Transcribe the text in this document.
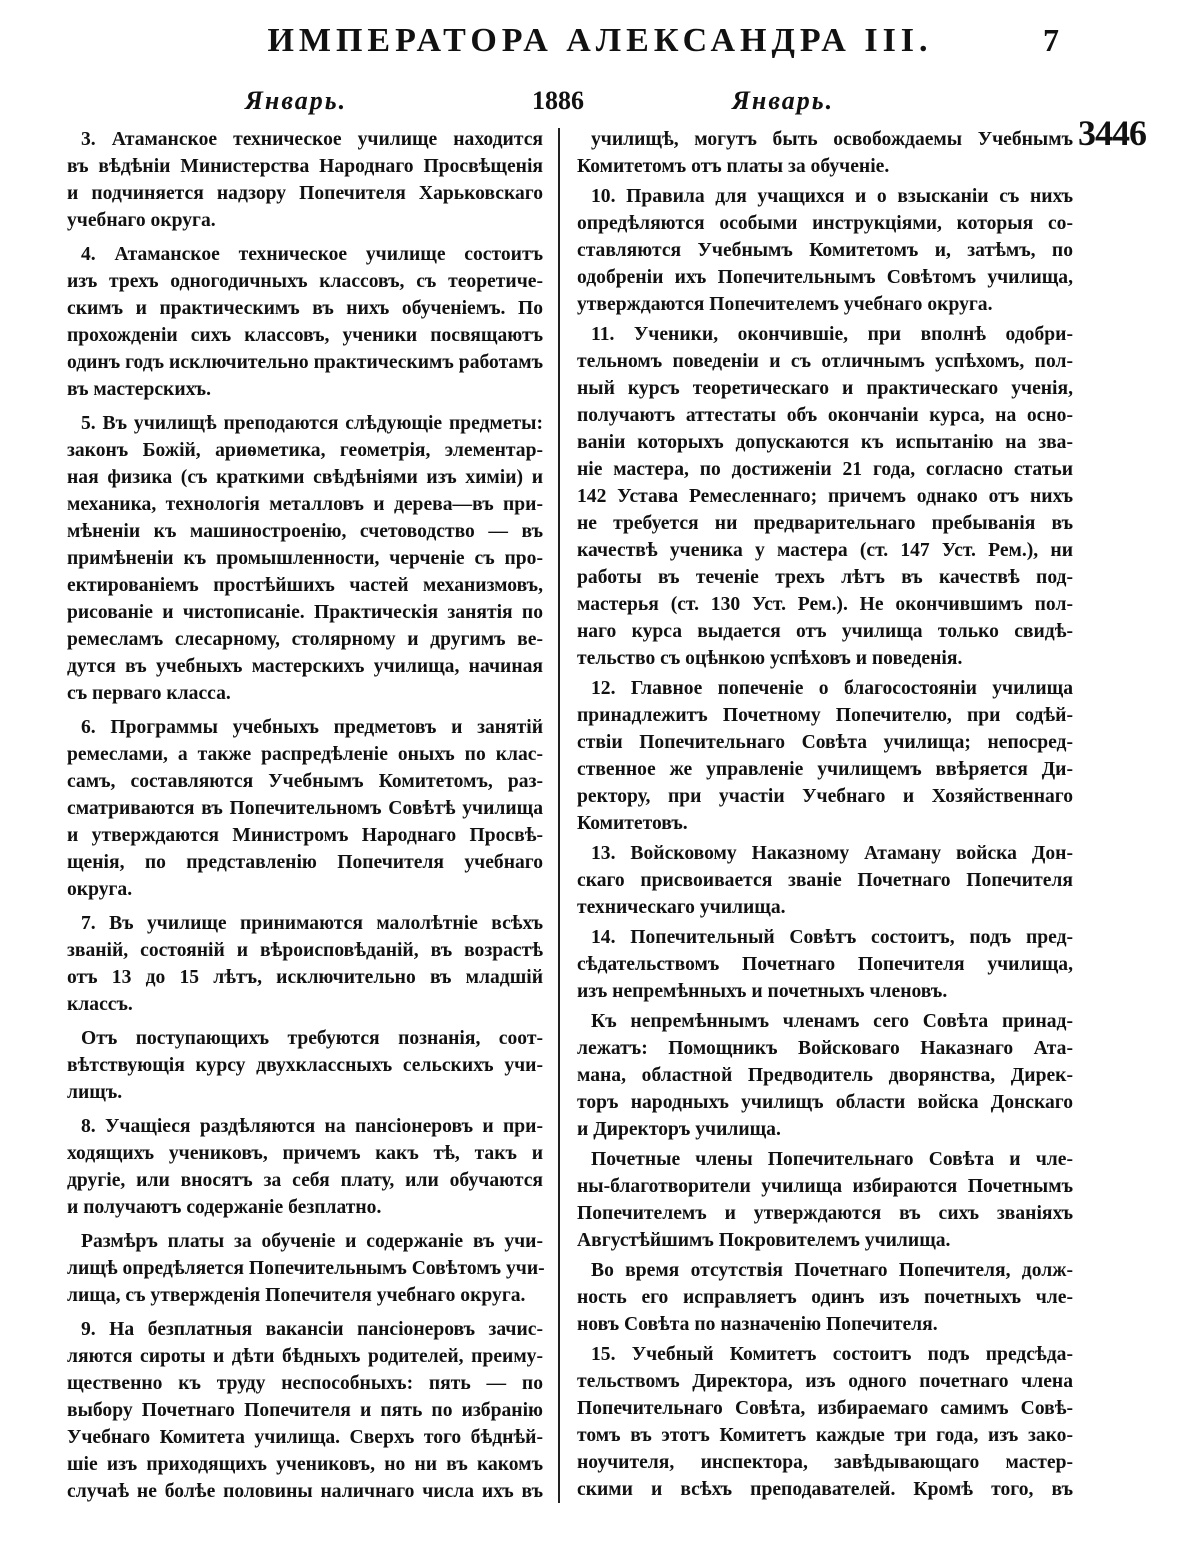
ИМПЕРАТОРА АЛЕКСАНДРА III.	7
Январь.	1886	Январь.
3446
3. Атаманское техническое училище находится
въ вѣдѣніи Министерства Народнаго Просвѣщенія
и подчиняется надзору Попечителя Харьковскаго
учебнаго округа.
4. Атаманское техническое училище состоитъ
изъ трехъ одногодичныхъ классовъ, съ теоретиче-
скимъ и практическимъ въ нихъ обученіемъ. По
прохожденіи сихъ классовъ, ученики посвящаютъ
одинъ годъ исключительно практическимъ работамъ
въ мастерскихъ.
5. Въ училищѣ преподаются слѣдующіе предметы:
законъ Божій, ариѳметика, геометрія, элементар-
ная физика (съ краткими свѣдѣніями изъ химіи) и
механика, технологія металловъ и дерева—въ при-
мѣненіи къ машиностроенію, счетоводство — въ
примѣненіи къ промышленности, черченіе съ про-
ектированіемъ простѣйшихъ частей механизмовъ,
рисованіе и чистописаніе. Практическія занятія по
ремесламъ слесарному, столярному и другимъ ве-
дутся въ учебныхъ мастерскихъ училища, начиная
съ перваго класса.
6. Программы учебныхъ предметовъ и занятій
ремеслами, а также распредѣленіе оныхъ по клас-
самъ, составляются Учебнымъ Комитетомъ, раз-
сматриваются въ Попечительномъ Совѣтѣ училища
и утверждаются Министромъ Народнаго Просвѣ-
щенія, по представленію Попечителя учебнаго
округа.
7. Въ училище принимаются малолѣтніе всѣхъ
званій, состояній и вѣроисповѣданій, въ возрастѣ
отъ 13 до 15 лѣтъ, исключительно въ младшій
классъ.
Отъ поступающихъ требуются познанія, соот-
вѣтствующія курсу двухклассныхъ сельскихъ учи-
лищъ.
8. Учащіеся раздѣляются на пансіонеровъ и при-
ходящихъ учениковъ, причемъ какъ тѣ, такъ и
другіе, или вносятъ за себя плату, или обучаются
и получаютъ содержаніе безплатно.
Размѣръ платы за обученіе и содержаніе въ учи-
лищѣ опредѣляется Попечительнымъ Совѣтомъ учи-
лища, съ утвержденія Попечителя учебнаго округа.
9. На безплатныя вакансіи пансіонеровъ зачис-
ляются сироты и дѣти бѣдныхъ родителей, преиму-
щественно къ труду неспособныхъ: пять — по
выбору Почетнаго Попечителя и пять по избранію
Учебнаго Комитета училища. Сверхъ того бѣднѣй-
шіе изъ приходящихъ учениковъ, но ни въ какомъ
случаѣ не болѣе половины наличнаго числа ихъ въ
училищѣ, могутъ быть освобождаемы Учебнымъ
Комитетомъ отъ платы за обученіе.
10. Правила для учащихся и о взысканіи съ нихъ
опредѣляются особыми инструкціями, которыя со-
ставляются Учебнымъ Комитетомъ и, затѣмъ, по
одобреніи ихъ Попечительнымъ Совѣтомъ училища,
утверждаются Попечителемъ учебнаго округа.
11. Ученики, окончившіе, при вполнѣ одобри-
тельномъ поведеніи и съ отличнымъ успѣхомъ, пол-
ный курсъ теоретическаго и практическаго ученія,
получаютъ аттестаты объ окончаніи курса, на осно-
ваніи которыхъ допускаются къ испытанію на зва-
ніе мастера, по достиженіи 21 года, согласно статьи
142 Устава Ремесленнаго; причемъ однако отъ нихъ
не требуется ни предварительнаго пребыванія въ
качествѣ ученика у мастера (ст. 147 Уст. Рем.), ни
работы въ теченіе трехъ лѣтъ въ качествѣ под-
мастерья (ст. 130 Уст. Рем.). Не окончившимъ пол-
наго курса выдается отъ училища только свидѣ-
тельство съ оцѣнкою успѣховъ и поведенія.
12. Главное попеченіе о благосостояніи училища
принадлежитъ Почетному Попечителю, при содѣй-
ствіи Попечительнаго Совѣта училища; непосред-
ственное же управленіе училищемъ ввѣряется Ди-
ректору, при участіи Учебнаго и Хозяйственнаго
Комитетовъ.
13. Войсковому Наказному Атаману войска Дон-
скаго присвоивается званіе Почетнаго Попечителя
техническаго училища.
14. Попечительный Совѣтъ состоитъ, подъ пред-
сѣдательствомъ Почетнаго Попечителя училища,
изъ непремѣнныхъ и почетныхъ членовъ.
Къ непремѣннымъ членамъ сего Совѣта принад-
лежатъ: Помощникъ Войсковаго Наказнаго Ата-
мана, областной Предводитель дворянства, Дирек-
торъ народныхъ училищъ области войска Донскаго
и Директоръ училища.
Почетные члены Попечительнаго Совѣта и чле-
ны-благотворители училища избираются Почетнымъ
Попечителемъ и утверждаются въ сихъ званіяхъ
Августѣйшимъ Покровителемъ училища.
Во время отсутствія Почетнаго Попечителя, долж-
ность его исправляетъ одинъ изъ почетныхъ чле-
новъ Совѣта по назначенію Попечителя.
15. Учебный Комитетъ состоитъ подъ предсѣда-
тельствомъ Директора, изъ одного почетнаго члена
Попечительнаго Совѣта, избираемаго самимъ Совѣ-
томъ въ этотъ Комитетъ каждые три года, изъ зако-
ноучителя, инспектора, завѣдывающаго мастер-
скими и всѣхъ преподавателей. Кромѣ того, въ
